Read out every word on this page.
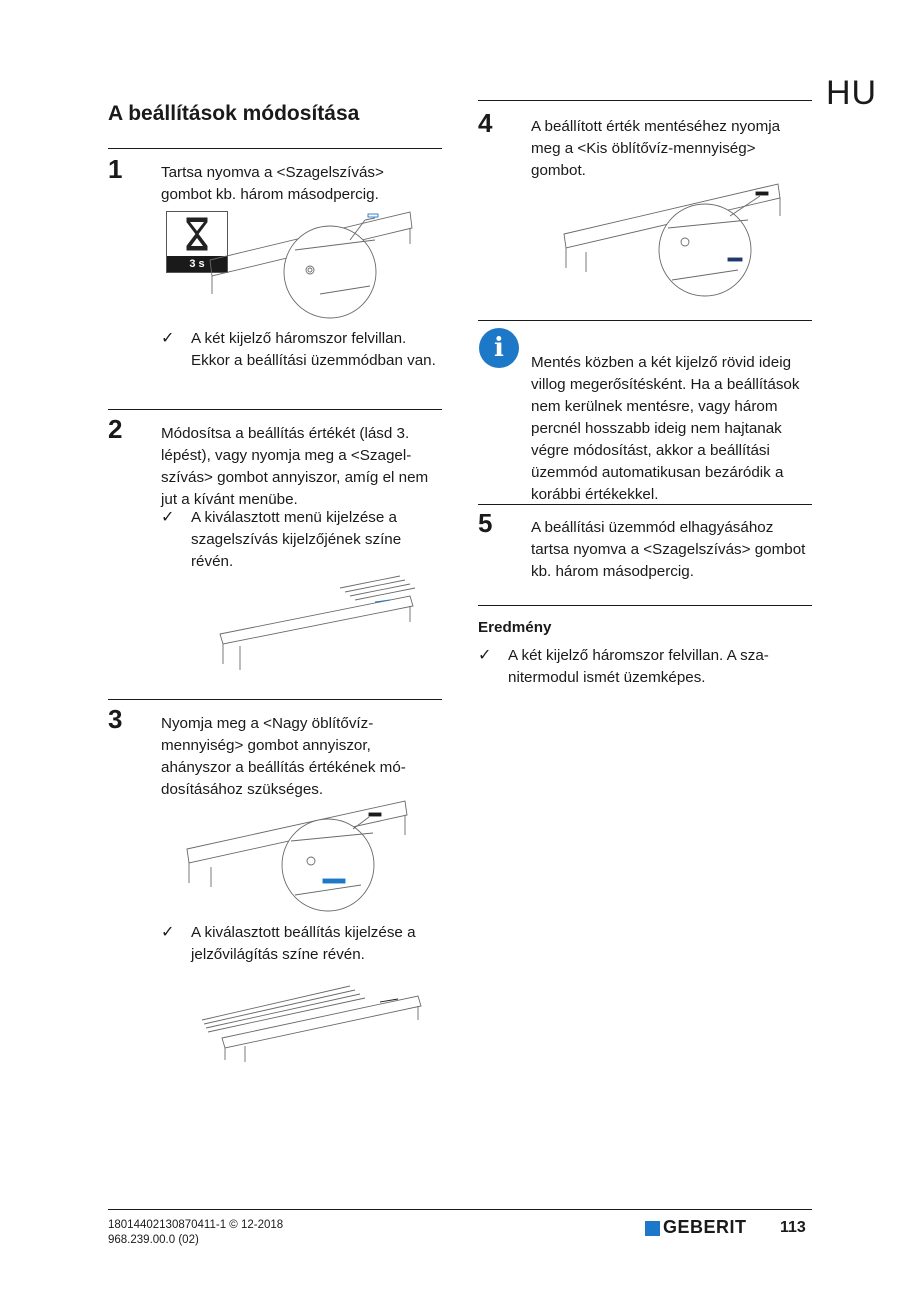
HU
A beállítások módosítása
1	Tartsa nyomva a <Szagelszívás> gombot kb. három másodpercig.
3 s
✓	A két kijelző háromszor felvillan. Ekkor a beállítási üzemmódban van.
2	Módosítsa a beállítás értékét (lásd 3. lépést), vagy nyomja meg a <Szagelszívás> gombot annyiszor, amíg el nem jut a kívánt menübe.
✓	A kiválasztott menü kijelzése a szagelszívás kijelzőjének színe révén.
3	Nyomja meg a <Nagy öblítővízmennyiség> gombot annyiszor, ahányszor a beállítás értékének módosításához szükséges.
✓	A kiválasztott beállítás kijelzése a jelzővilágítás színe révén.
4	A beállított érték mentéséhez nyomja meg a <Kis öblítővíz-mennyiség> gombot.
i	Mentés közben a két kijelző rövid ideig villog megerősítésként. Ha a beállítások nem kerülnek mentésre, vagy három percnél hosszabb ideig nem hajtanak végre módosítást, akkor a beállítási üzemmód automatikusan bezáródik a korábbi értékekkel.
5	A beállítási üzemmód elhagyásához tartsa nyomva a <Szagelszívás> gombot kb. három másodpercig.
Eredmény
✓	A két kijelző háromszor felvillan. A szanitermodul ismét üzemképes.
18014402130870411-1 © 12-2018
968.239.00.0 (02)
GEBERIT 113
